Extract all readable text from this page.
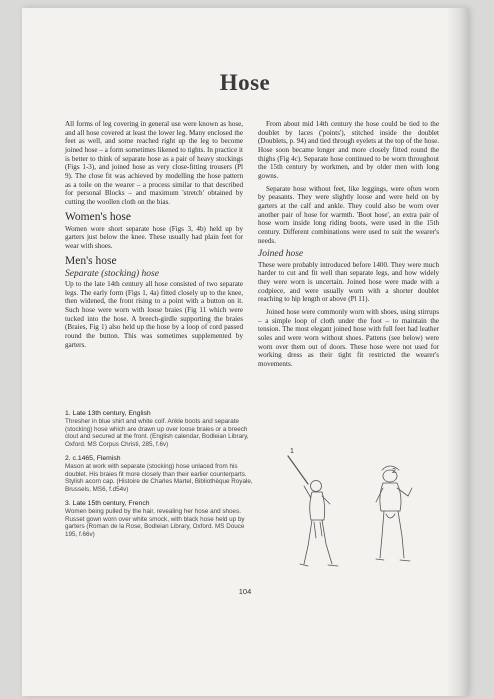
Hose

All forms of leg covering in general use were known as hose, and all hose covered at least the lower leg. Many enclosed the feet as well, and some reached right up the leg to become joined hose – a form sometimes likened to tights. In practice it is better to think of separate hose as a pair of heavy stockings (Figs 1-3), and joined hose as very close-fitting trousers (Pl 9). The close fit was achieved by modelling the hose pattern as a toile on the wearer – a process similar to that described for personal Blocks – and maximum 'stretch' obtained by cutting the woollen cloth on the bias.

Women's hose

Women wore short separate hose (Figs 3, 4b) held up by garters just below the knee. These usually had plain feet for wear with shoes.

Men's hose
Separate (stocking) hose

Up to the late 14th century all hose consisted of two separate legs. The early form (Figs 1, 4a) fitted closely up to the knee, then widened, the front rising to a point with a button on it. Such hose were worn with loose braies (Fig 11 which were tucked into the hose. A breech-girdle supporting the braies (Braies, Fig 1) also held up the hose by a loop of cord passed round the button. This was sometimes supplemented by garters.

From about mid 14th century the hose could be tied to the doublet by laces ('points'), stitched inside the doublet (Doublets, p. 94) and tied through eyelets at the top of the hose. Hose soon became longer and more closely fitted round the thighs (Fig 4c). Separate hose continued to be worn throughout the 15th century by workmen, and by older men with long gowns.

Separate hose without feet, like leggings, were often worn by peasants. They were slightly loose and were held on by garters at the calf and ankle. They could also be worn over another pair of hose for warmth. 'Boot hose', an extra pair of hose worn inside long riding boots, were used in the 15th century. Different combinations were used to suit the wearer's needs.

Joined hose

These were probably introduced before 1400. They were much harder to cut and fit well than separate legs, and how widely they were worn is uncertain. Joined hose were made with a codpiece, and were usually worn with a shorter doublet reaching to hip length or above (Pl 11).

Joined hose were commonly worn with shoes, using stirrups – a simple loop of cloth under the foot – to maintain the tension. The most elegant joined hose with full feet had leather soles and were worn without shoes. Pattens (see below) were worn over them out of doors. These hose were not used for working dress as their tight fit restricted the wearer's movements.

1. Late 13th century, English
Thresher in blue shirt and white coif. Ankle boots and separate (stocking) hose which are drawn up over loose braies or a breech clout and secured at the front. (English calendar, Bodleian Library, Oxford. MS Corpus Christi, 285, f.6v)
2. c.1465, Flemish
Mason at work with separate (stocking) hose unlaced from his doublet. His braies fit more closely than their earlier counterparts. Stylish acorn cap. (Histoire de Charles Martel, Bibliothèque Royale, Brussels, MS6, f.d54v)
3. Late 15th century, French
Women being pulled by the hair, revealing her hose and shoes. Russet gown worn over white smock, with black hose held up by garters (Roman de la Rose, Bodleian Library, Oxford. MS Douce 195, f.66v)
1
2
104
